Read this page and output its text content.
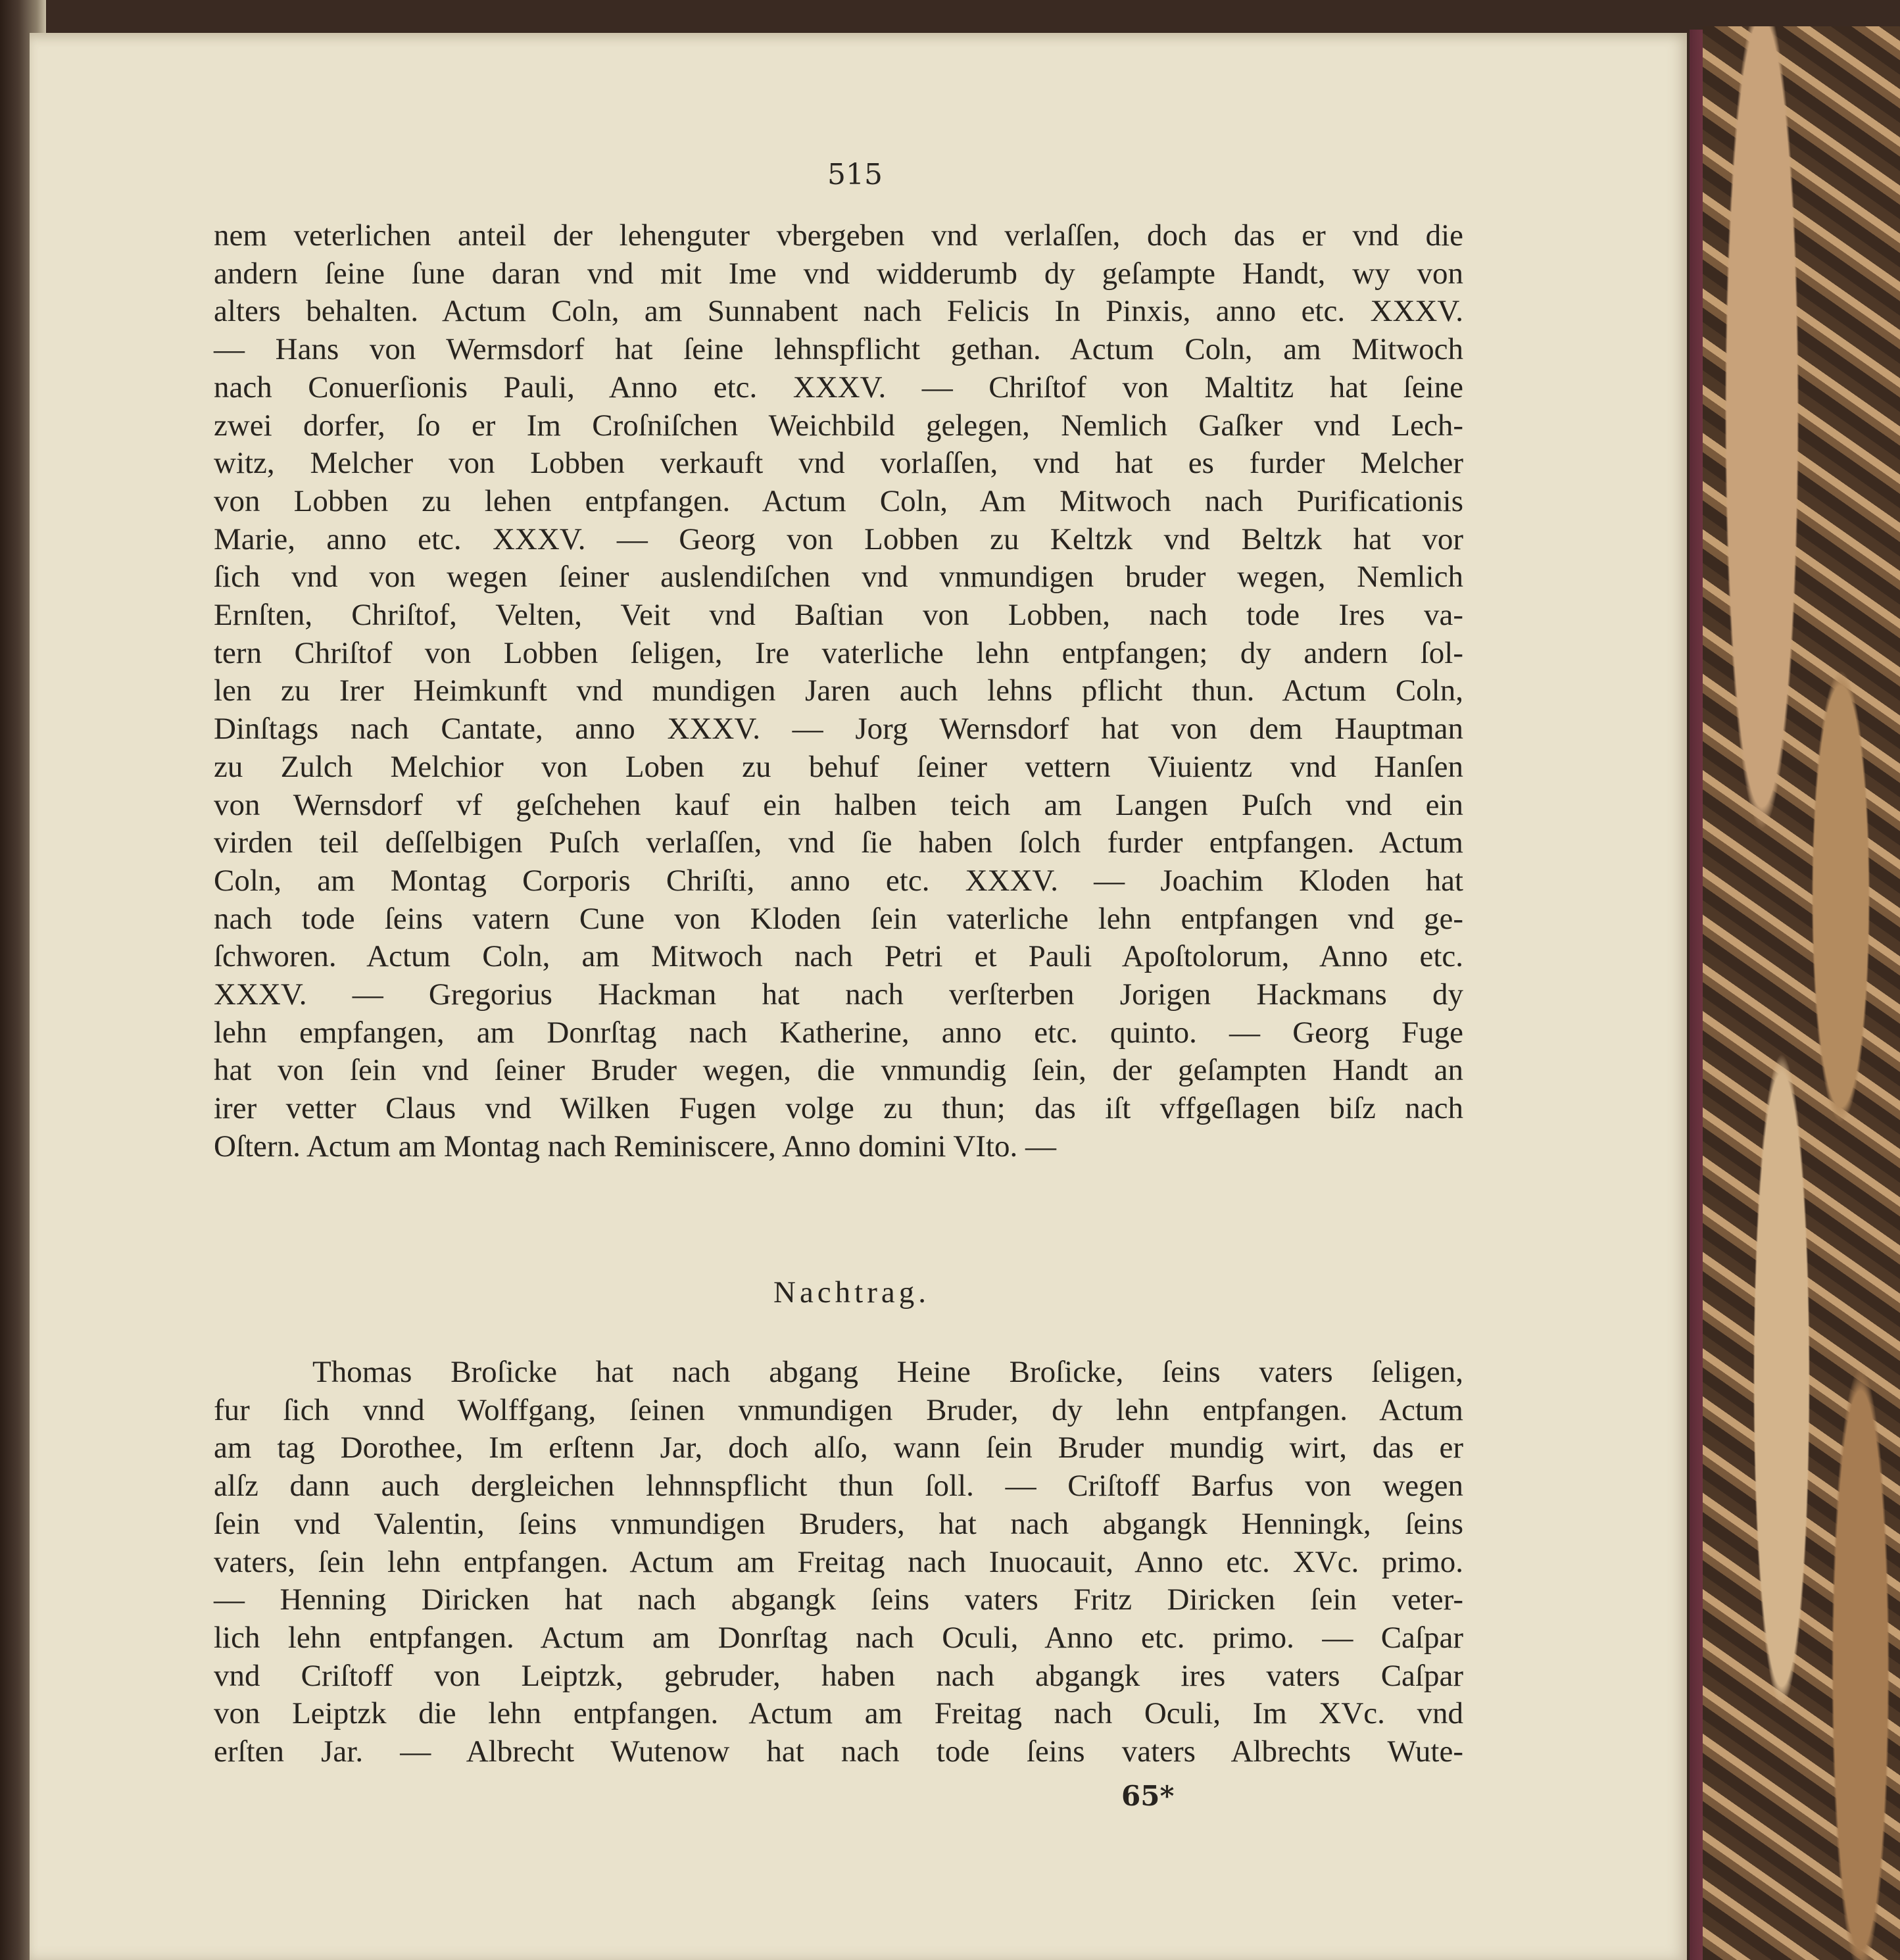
515
nem veterlichen anteil der lehenguter vbergeben vnd verlaſſen, doch das er vnd die
andern ſeine ſune daran vnd mit Ime vnd widderumb dy geſampte Handt, wy von
alters behalten. Actum Coln, am Sunnabent nach Felicis In Pinxis, anno etc. XXXV.
— Hans von Wermsdorf hat ſeine lehnspflicht gethan. Actum Coln, am Mitwoch
nach Conuerſionis Pauli, Anno etc. XXXV. — Chriſtof von Maltitz hat ſeine
zwei dorfer, ſo er Im Croſniſchen Weichbild gelegen, Nemlich Gaſker vnd Lech-
witz, Melcher von Lobben verkauft vnd vorlaſſen, vnd hat es furder Melcher
von Lobben zu lehen entpfangen. Actum Coln, Am Mitwoch nach Purificationis
Marie, anno etc. XXXV. — Georg von Lobben zu Keltzk vnd Beltzk hat vor
ſich vnd von wegen ſeiner auslendiſchen vnd vnmundigen bruder wegen, Nemlich
Ernſten, Chriſtof, Velten, Veit vnd Baſtian von Lobben, nach tode Ires va-
tern Chriſtof von Lobben ſeligen, Ire vaterliche lehn entpfangen; dy andern ſol-
len zu Irer Heimkunft vnd mundigen Jaren auch lehns pflicht thun. Actum Coln,
Dinſtags nach Cantate, anno XXXV. — Jorg Wernsdorf hat von dem Hauptman
zu Zulch Melchior von Loben zu behuf ſeiner vettern Viuientz vnd Hanſen
von Wernsdorf vf geſchehen kauf ein halben teich am Langen Puſch vnd ein
virden teil deſſelbigen Puſch verlaſſen, vnd ſie haben ſolch furder entpfangen. Actum
Coln, am Montag Corporis Chriſti, anno etc. XXXV. — Joachim Kloden hat
nach tode ſeins vatern Cune von Kloden ſein vaterliche lehn entpfangen vnd ge-
ſchworen. Actum Coln, am Mitwoch nach Petri et Pauli Apoſtolorum, Anno etc.
XXXV. — Gregorius Hackman hat nach verſterben Jorigen Hackmans dy
lehn empfangen, am Donrſtag nach Katherine, anno etc. quinto. — Georg Fuge
hat von ſein vnd ſeiner Bruder wegen, die vnmundig ſein, der geſampten Handt an
irer vetter Claus vnd Wilken Fugen volge zu thun; das iſt vffgeſlagen biſz nach
Oſtern. Actum am Montag nach Reminiscere, Anno domini VIto. —
Nachtrag.
Thomas Broſicke hat nach abgang Heine Broſicke, ſeins vaters ſeligen,
fur ſich vnnd Wolffgang, ſeinen vnmundigen Bruder, dy lehn entpfangen. Actum
am tag Dorothee, Im erſtenn Jar, doch alſo, wann ſein Bruder mundig wirt, das er
alſz dann auch dergleichen lehnnspflicht thun ſoll. — Criſtoff Barfus von wegen
ſein vnd Valentin, ſeins vnmundigen Bruders, hat nach abgangk Henningk, ſeins
vaters, ſein lehn entpfangen. Actum am Freitag nach Inuocauit, Anno etc. XVc. primo.
— Henning Diricken hat nach abgangk ſeins vaters Fritz Diricken ſein veter-
lich lehn entpfangen. Actum am Donrſtag nach Oculi, Anno etc. primo. — Caſpar
vnd Criſtoff von Leiptzk, gebruder, haben nach abgangk ires vaters Caſpar
von Leiptzk die lehn entpfangen. Actum am Freitag nach Oculi, Im XVc. vnd
erſten Jar. — Albrecht Wutenow hat nach tode ſeins vaters Albrechts Wute-
65*
